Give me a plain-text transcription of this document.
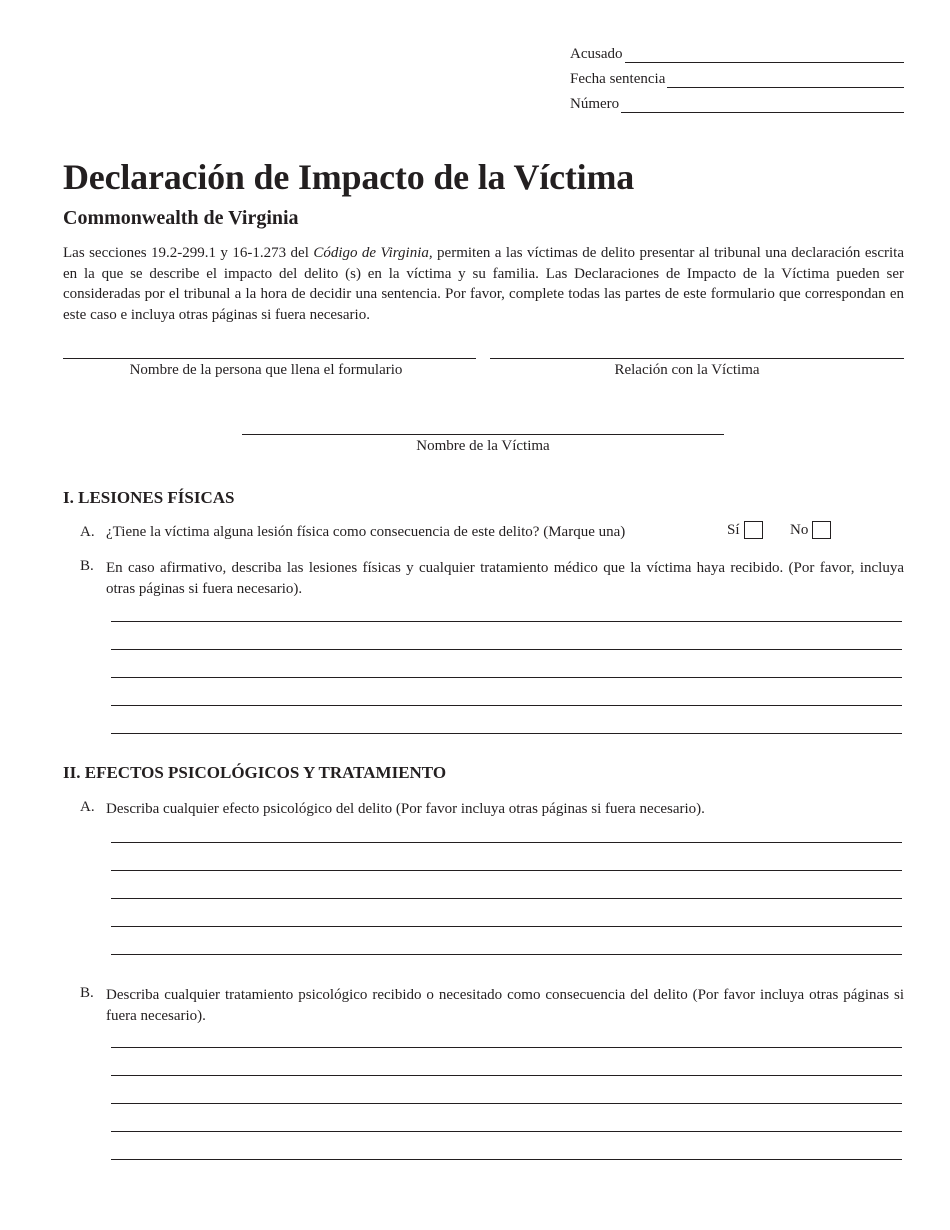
Acusado
Fecha sentencia
Número
Declaración de Impacto de la Víctima
Commonwealth de Virginia
Las secciones 19.2-299.1 y 16-1.273 del Código de Virginia, permiten a las víctimas de delito presentar al tribunal una declaración escrita en la que se describe el impacto del delito (s) en la víctima y su familia. Las Declaraciones de Impacto de la Víctima pueden ser consideradas por el tribunal a la hora de decidir una sentencia. Por favor, complete todas las partes de este formulario que correspondan en este caso e incluya otras páginas si fuera necesario.
Nombre de la persona que llena el formulario	Relación con la Víctima
Nombre de la Víctima
I. LESIONES FÍSICAS
A. ¿Tiene la víctima alguna lesión física como consecuencia de este delito? (Marque una)	Sí	No
B. En caso afirmativo, describa las lesiones físicas y cualquier tratamiento médico que la víctima haya recibido. (Por favor, incluya otras páginas si fuera necesario).
II. EFECTOS PSICOLÓGICOS Y TRATAMIENTO
A. Describa cualquier efecto psicológico del delito (Por favor incluya otras páginas si fuera necesario).
B. Describa cualquier tratamiento psicológico recibido o necesitado como consecuencia del delito (Por favor incluya otras páginas si fuera necesario).
